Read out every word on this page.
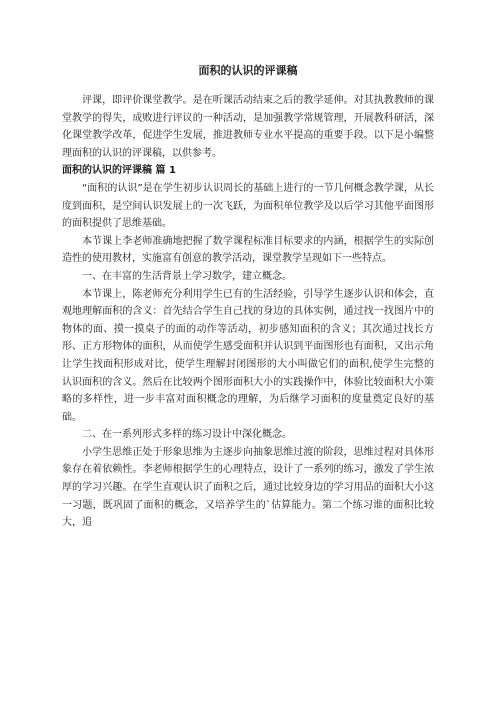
面积的认识的评课稿

评课，即评价课堂教学。是在听课活动结束之后的教学延伸。对其执教教师的课堂教学的得失，成败进行评议的一种活动，是加强教学常规管理，开展教科研活，深化课堂教学改革，促进学生发展，推进教师专业水平提高的重要手段。以下是小编整理面积的认识的评课稿，以供参考。

面积的认识的评课稿 篇 1

“面积的认识”是在学生初步认识周长的基础上进行的一节几何概念教学课，从长度到面积，是空间认识发展上的一次飞跃，为面积单位教学及以后学习其他平面图形的面积提供了思维基础。

本节课上李老师准确地把握了数学课程标准目标要求的内涵，根据学生的实际创造性的使用教材，实施富有创意的教学活动，课堂教学呈现如下一些特点。

一、在丰富的生活背景上学习数学，建立概念。

本节课上，陈老师充分利用学生已有的生活经验，引导学生逐步认识和体会，直观地理解面积的含义：首先结合学生自己找的身边的具体实例，通过找一找图片中的物体的面、摸一摸桌子的面的动作等活动，初步感知面积的含义；其次通过找长方形、正方形物体的面积，从而使学生感受面积并认识到平面图形也有面积，又出示角让学生找面积形成对比，使学生理解封闭图形的大小叫做它们的面积,使学生完整的认识面积的含义。然后在比较两个图形面积大小的实践操作中，体验比较面积大小策略的多样性，进一步丰富对面积概念的理解，为后继学习面积的度量奠定良好的基础。

二、在一系列形式多样的练习设计中深化概念。

小学生思维正处于形象思维为主逐步向抽象思维过渡的阶段，思维过程对具体形象存在着依赖性。李老师根据学生的心理特点，设计了一系列的练习，激发了学生浓厚的学习兴趣。在学生直观认识了面积之后，通过比较身边的学习用品的面积大小这一习题，既巩固了面积的概念，又培养学生的`估算能力。第二个练习谁的面积比较大，追
